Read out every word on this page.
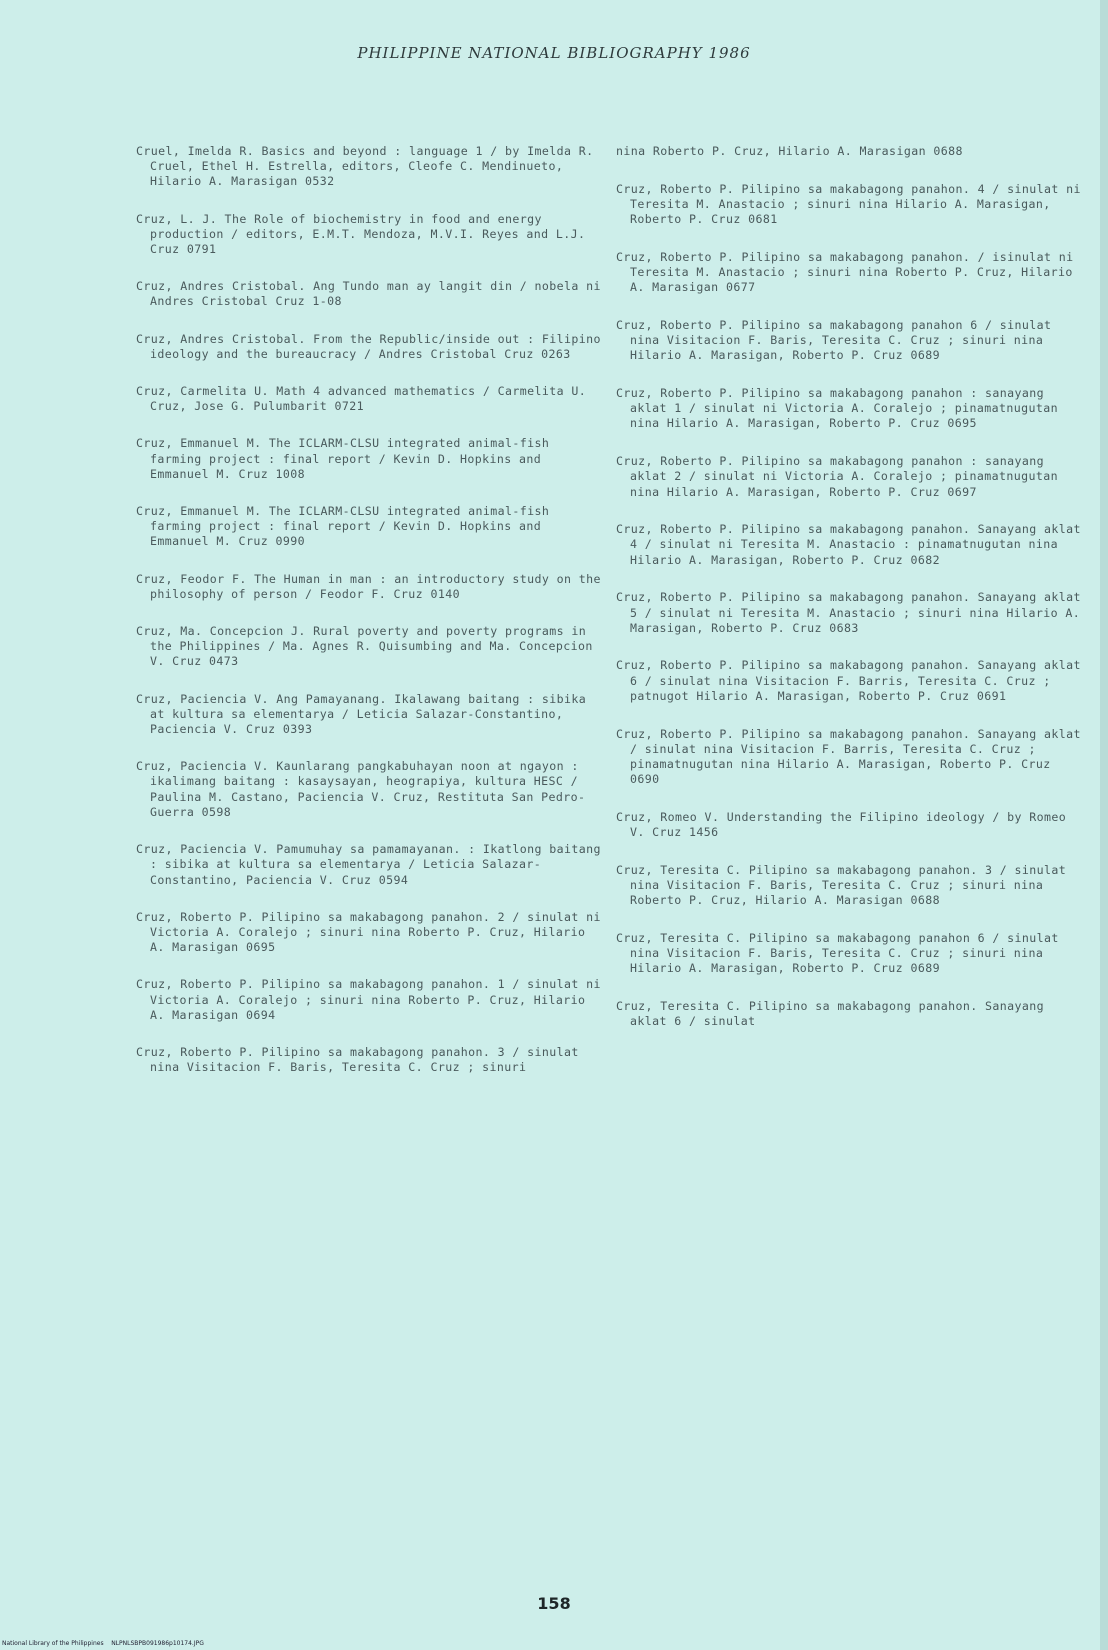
PHILIPPINE NATIONAL BIBLIOGRAPHY 1986

Cruel, Imelda R. Basics and beyond : language 1 / by Imelda R. Cruel, Ethel H. Estrella, editors, Cleofe C. Mendinueto, Hilario A. Marasigan 0532

Cruz, L. J. The Role of biochemistry in food and energy production / editors, E.M.T. Mendoza, M.V.I. Reyes and L.J. Cruz 0791

Cruz, Andres Cristobal. Ang Tundo man ay langit din / nobela ni Andres Cristobal Cruz 1-08

Cruz, Andres Cristobal. From the Republic/inside out : Filipino ideology and the bureaucracy / Andres Cristobal Cruz 0263

Cruz, Carmelita U. Math 4 advanced mathematics / Carmelita U. Cruz, Jose G. Pulumbarit 0721

Cruz, Emmanuel M. The ICLARM-CLSU integrated animal-fish farming project : final report / Kevin D. Hopkins and Emmanuel M. Cruz 1008

Cruz, Emmanuel M. The ICLARM-CLSU integrated animal-fish farming project : final report / Kevin D. Hopkins and Emmanuel M. Cruz 0990

Cruz, Feodor F. The Human in man : an introductory study on the philosophy of person / Feodor F. Cruz 0140

Cruz, Ma. Concepcion J. Rural poverty and poverty programs in the Philippines / Ma. Agnes R. Quisumbing and Ma. Concepcion V. Cruz 0473

Cruz, Paciencia V. Ang Pamayanang. Ikalawang baitang : sibika at kultura sa elementarya / Leticia Salazar-Constantino, Paciencia V. Cruz 0393

Cruz, Paciencia V. Kaunlarang pangkabuhayan noon at ngayon : ikalimang baitang : kasaysayan, heograpiya, kultura HESC / Paulina M. Castano, Paciencia V. Cruz, Restituta San Pedro-Guerra 0598

Cruz, Paciencia V. Pamumuhay sa pamamayanan. : Ikatlong baitang : sibika at kultura sa elementarya / Leticia Salazar-Constantino, Paciencia V. Cruz 0594

Cruz, Roberto P. Pilipino sa makabagong panahon. 2 / sinulat ni Victoria A. Coralejo ; sinuri nina Roberto P. Cruz, Hilario A. Marasigan 0695

Cruz, Roberto P. Pilipino sa makabagong panahon. 1 / sinulat ni Victoria A. Coralejo ; sinuri nina Roberto P. Cruz, Hilario A. Marasigan 0694

Cruz, Roberto P. Pilipino sa makabagong panahon. 3 / sinulat nina Visitacion F. Baris, Teresita C. Cruz ; sinuri

nina Roberto P. Cruz, Hilario A. Marasigan 0688

Cruz, Roberto P. Pilipino sa makabagong panahon. 4 / sinulat ni Teresita M. Anastacio ; sinuri nina Hilario A. Marasigan, Roberto P. Cruz 0681

Cruz, Roberto P. Pilipino sa makabagong panahon. / isinulat ni Teresita M. Anastacio ; sinuri nina Roberto P. Cruz, Hilario A. Marasigan 0677

Cruz, Roberto P. Pilipino sa makabagong panahon 6 / sinulat nina Visitacion F. Baris, Teresita C. Cruz ; sinuri nina Hilario A. Marasigan, Roberto P. Cruz 0689

Cruz, Roberto P. Pilipino sa makabagong panahon : sanayang aklat 1 / sinulat ni Victoria A. Coralejo ; pinamatnugutan nina Hilario A. Marasigan, Roberto P. Cruz 0695

Cruz, Roberto P. Pilipino sa makabagong panahon : sanayang aklat 2 / sinulat ni Victoria A. Coralejo ; pinamatnugutan nina Hilario A. Marasigan, Roberto P. Cruz 0697

Cruz, Roberto P. Pilipino sa makabagong panahon. Sanayang aklat 4 / sinulat ni Teresita M. Anastacio : pinamatnugutan nina Hilario A. Marasigan, Roberto P. Cruz 0682

Cruz, Roberto P. Pilipino sa makabagong panahon. Sanayang aklat 5 / sinulat ni Teresita M. Anastacio ; sinuri nina Hilario A. Marasigan, Roberto P. Cruz 0683

Cruz, Roberto P. Pilipino sa makabagong panahon. Sanayang aklat 6 / sinulat nina Visitacion F. Barris, Teresita C. Cruz ; patnugot Hilario A. Marasigan, Roberto P. Cruz 0691

Cruz, Roberto P. Pilipino sa makabagong panahon. Sanayang aklat / sinulat nina Visitacion F. Barris, Teresita C. Cruz ; pinamatnugutan nina Hilario A. Marasigan, Roberto P. Cruz 0690

Cruz, Romeo V. Understanding the Filipino ideology / by Romeo V. Cruz 1456

Cruz, Teresita C. Pilipino sa makabagong panahon. 3 / sinulat nina Visitacion F. Baris, Teresita C. Cruz ; sinuri nina Roberto P. Cruz, Hilario A. Marasigan 0688

Cruz, Teresita C. Pilipino sa makabagong panahon 6 / sinulat nina Visitacion F. Baris, Teresita C. Cruz ; sinuri nina Hilario A. Marasigan, Roberto P. Cruz 0689

Cruz, Teresita C. Pilipino sa makabagong panahon. Sanayang aklat 6 / sinulat

158
National Library of the Philippines    NLPNLSBPB091986p10174.JPG
